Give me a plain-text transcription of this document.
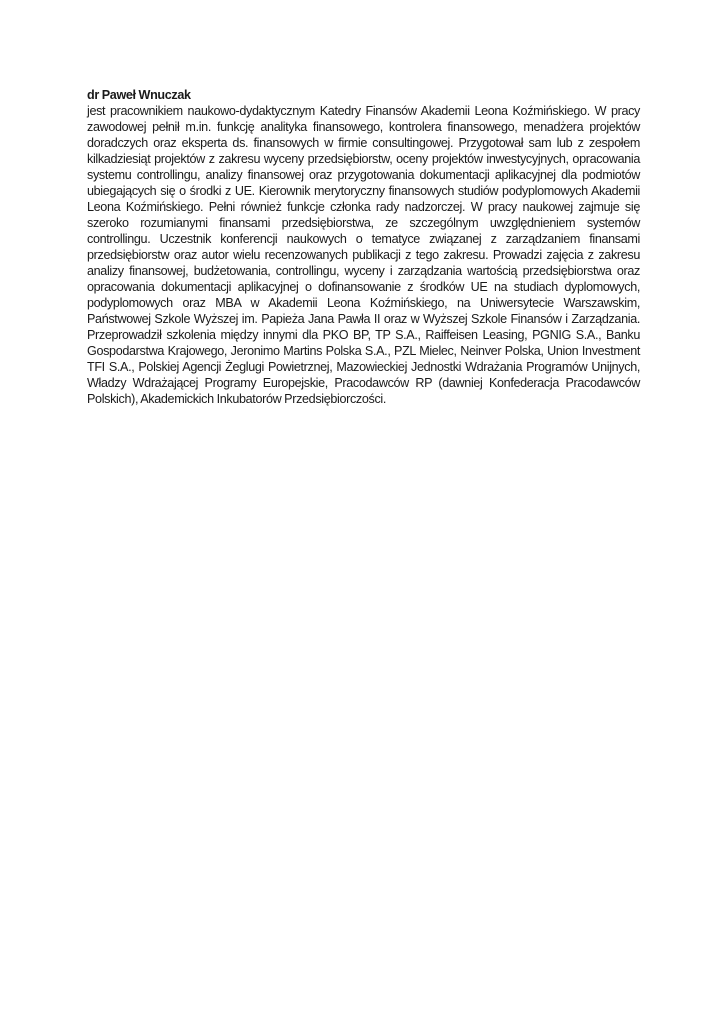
dr Paweł Wnuczak

jest pracownikiem naukowo-dydaktycznym Katedry Finansów Akademii Leona Koźmińskiego. W pracy zawodowej pełnił m.in. funkcję analityka finansowego, kontrolera finansowego, menadżera projektów doradczych oraz eksperta ds. finansowych w firmie consultingowej. Przygotował sam lub z zespołem kilkadziesiąt projektów z zakresu wyceny przedsiębiorstw, oceny projektów inwestycyjnych, opracowania systemu controllingu, analizy finansowej oraz przygotowania dokumentacji aplikacyjnej dla podmiotów ubiegających się o środki z UE. Kierownik merytoryczny finansowych studiów podyplomowych Akademii Leona Koźmińskiego. Pełni również funkcje członka rady nadzorczej. W pracy naukowej zajmuje się szeroko rozumianymi finansami przedsiębiorstwa, ze szczególnym uwzględnieniem systemów controllingu. Uczestnik konferencji naukowych o tematyce związanej z zarządzaniem finansami przedsiębiorstw oraz autor wielu recenzowanych publikacji z tego zakresu. Prowadzi zajęcia z zakresu analizy finansowej, budżetowania, controllingu, wyceny i zarządzania wartością przedsiębiorstwa oraz opracowania dokumentacji aplikacyjnej o dofinansowanie z środków UE na studiach dyplomowych, podyplomowych oraz MBA w Akademii Leona Koźmińskiego, na Uniwersytecie Warszawskim, Państwowej Szkole Wyższej im. Papieża Jana Pawła II oraz w Wyższej Szkole Finansów i Zarządzania. Przeprowadził szkolenia między innymi dla PKO BP, TP S.A., Raiffeisen Leasing, PGNIG S.A., Banku Gospodarstwa Krajowego, Jeronimo Martins Polska S.A., PZL Mielec, Neinver Polska, Union Investment TFI S.A., Polskiej Agencji Żeglugi Powietrznej, Mazowieckiej Jednostki Wdrażania Programów Unijnych, Władzy Wdrażającej Programy Europejskie, Pracodawców RP (dawniej Konfederacja Pracodawców Polskich), Akademickich Inkubatorów Przedsiębiorczości.
